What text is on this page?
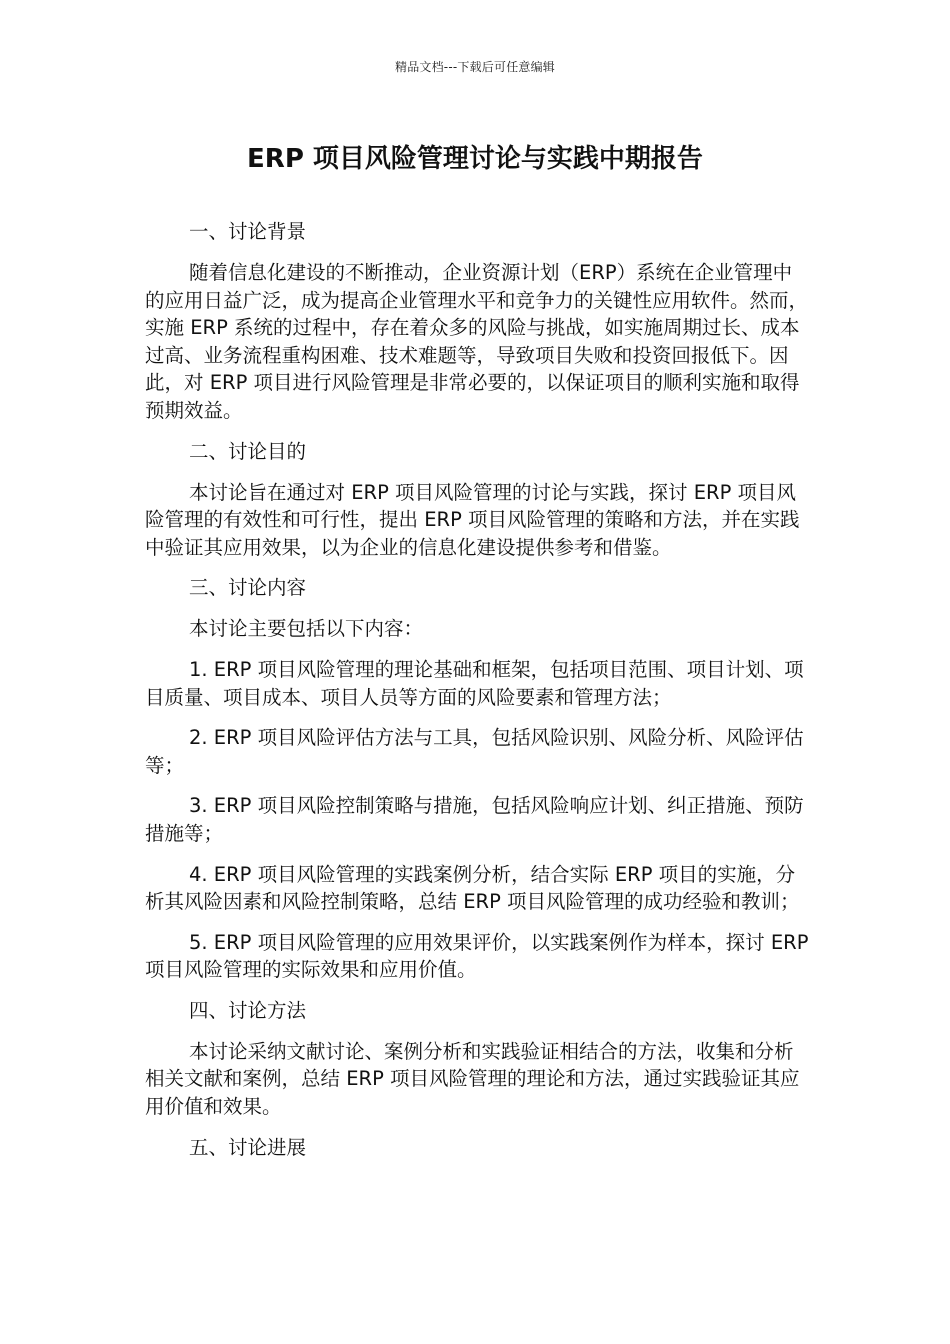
精品文档---下载后可任意编辑
ERP 项目风险管理讨论与实践中期报告

一、讨论背景

随着信息化建设的不断推动，企业资源计划（ERP）系统在企业管理中的应用日益广泛，成为提高企业管理水平和竞争力的关键性应用软件。然而，实施 ERP 系统的过程中，存在着众多的风险与挑战，如实施周期过长、成本过高、业务流程重构困难、技术难题等，导致项目失败和投资回报低下。因此，对 ERP 项目进行风险管理是非常必要的，以保证项目的顺利实施和取得预期效益。

二、讨论目的

本讨论旨在通过对 ERP 项目风险管理的讨论与实践，探讨 ERP 项目风险管理的有效性和可行性，提出 ERP 项目风险管理的策略和方法，并在实践中验证其应用效果，以为企业的信息化建设提供参考和借鉴。

三、讨论内容

本讨论主要包括以下内容：

1. ERP 项目风险管理的理论基础和框架，包括项目范围、项目计划、项目质量、项目成本、项目人员等方面的风险要素和管理方法；

2. ERP 项目风险评估方法与工具，包括风险识别、风险分析、风险评估等；

3. ERP 项目风险控制策略与措施，包括风险响应计划、纠正措施、预防措施等；

4. ERP 项目风险管理的实践案例分析，结合实际 ERP 项目的实施，分析其风险因素和风险控制策略，总结 ERP 项目风险管理的成功经验和教训；

5. ERP 项目风险管理的应用效果评价，以实践案例作为样本，探讨 ERP 项目风险管理的实际效果和应用价值。

四、讨论方法

本讨论采纳文献讨论、案例分析和实践验证相结合的方法，收集和分析相关文献和案例，总结 ERP 项目风险管理的理论和方法，通过实践验证其应用价值和效果。

五、讨论进展
